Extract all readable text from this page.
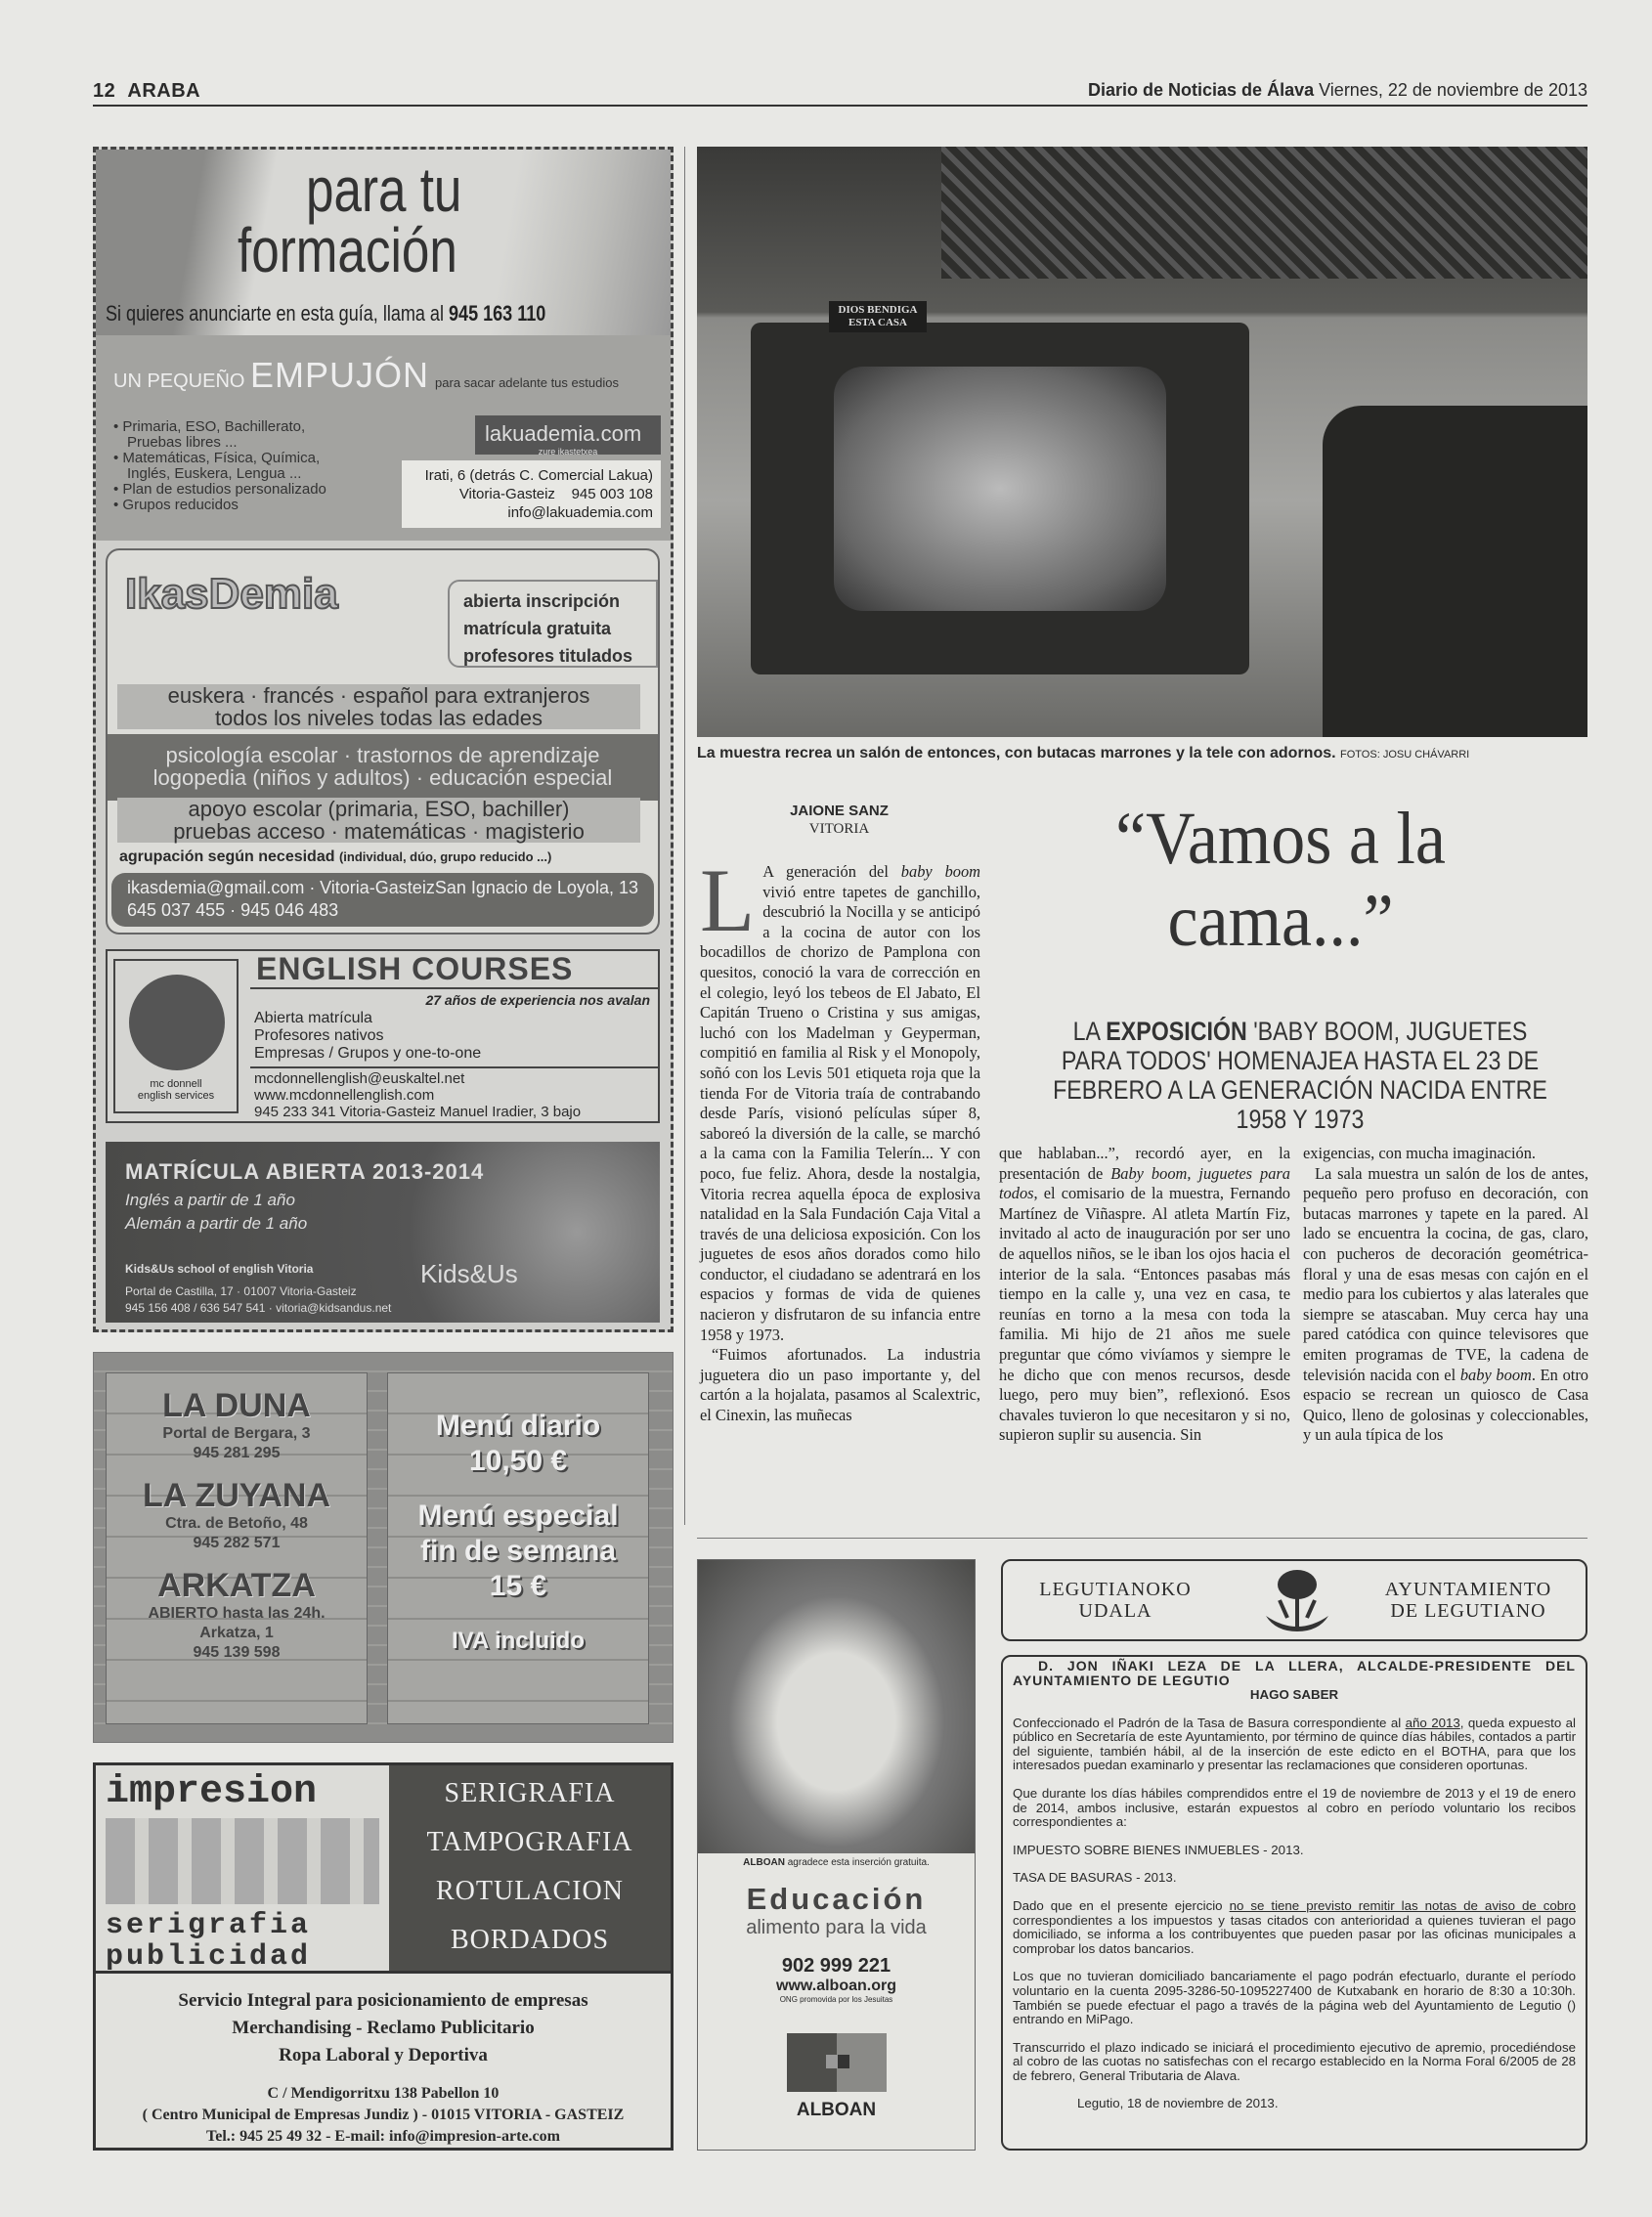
12 ARABA	Diario de Noticias de Álava Viernes, 22 de noviembre de 2013
para tu
formación
Si quieres anunciarte en esta guía, llama al 945 163 110
UN PEQUEÑO EMPUJÓN para sacar adelante tus estudios
• Primaria, ESO, Bachillerato,
Pruebas libres ...
• Matemáticas, Física, Química,
Inglés, Euskera, Lengua ...
• Plan de estudios personalizado
• Grupos reducidos
lakuademia.com
zure ikastetxea
Irati, 6 (detrás C. Comercial Lakua)
Vitoria-Gasteiz 945 003 108
info@lakuademia.com
IkasDemia	abierta inscripción
matrícula gratuita
profesores titulados
euskera · francés · español para extranjeros
todos los niveles todas las edades
psicología escolar · trastornos de aprendizaje
logopedia (niños y adultos) · educación especial
apoyo escolar (primaria, ESO, bachiller)
pruebas acceso · matemáticas · magisterio
agrupación según necesidad (individual, dúo, grupo reducido ...)
San Ignacio de Loyola, 13
Vitoria-Gasteiz
ikasdemia@gmail.com · 645 037 455 · 945 046 483
mc donnell
english services
ENGLISH COURSES
27 años de experiencia nos avalan
Abierta matrícula
Profesores nativos
Empresas / Grupos y one-to-one
mcdonnellenglish@euskaltel.net
www.mcdonnellenglish.com
945 233 341 Vitoria-Gasteiz Manuel Iradier, 3 bajo
MATRÍCULA ABIERTA 2013-2014
Inglés a partir de 1 año
Alemán a partir de 1 año
Kids&Us school of english Vitoria
Portal de Castilla, 17 · 01007 Vitoria-Gasteiz
945 156 408 / 636 547 541 · vitoria@kidsandus.net
Kids&Us
LA DUNA
Portal de Bergara, 3
945 281 295
LA ZUYANA
Ctra. de Betoño, 48
945 282 571
ARKATZA
ABIERTO hasta las 24h.
Arkatza, 1
945 139 598
Menú diario
10,50 €
Menú especial
fin de semana
15 €
IVA incluido
impresion
serigrafia
publicidad
SERIGRAFIA
TAMPOGRAFIA
ROTULACION
BORDADOS
Servicio Integral para posicionamiento de empresas
Merchandising - Reclamo Publicitario
Ropa Laboral y Deportiva
C / Mendigorritxu 138 Pabellon 10
( Centro Municipal de Empresas Jundiz ) - 01015 VITORIA - GASTEIZ
Tel.: 945 25 49 32 - E-mail: info@impresion-arte.com
DIOS BENDIGA ESTA CASA
La muestra recrea un salón de entonces, con butacas marrones y la tele con adornos. FOTOS: JOSU CHÁVARRI
JAIONE SANZ
VITORIA	“Vamos a la cama...”
LA EXPOSICIÓN 'BABY BOOM, JUGUETES PARA TODOS' HOMENAJEA HASTA EL 23 DE FEBRERO A LA GENERACIÓN NACIDA ENTRE 1958 Y 1973

L A generación del baby boom vivió entre tapetes de ganchillo, descubrió la Nocilla y se anticipó a la cocina de autor con los bocadillos de chorizo de Pamplona con quesitos, conoció la vara de corrección en el colegio, leyó los tebeos de El Jabato, El Capitán Trueno o Cristina y sus amigas, luchó con los Madelman y Geyperman, compitió en familia al Risk y el Monopoly, soñó con los Levis 501 etiqueta roja que la tienda For de Vitoria traía de contrabando desde París, visionó películas súper 8, saboreó la diversión de la calle, se marchó a la cama con la Familia Telerín... Y con poco, fue feliz. Ahora, desde la nostalgia, Vitoria recrea aquella época de explosiva natalidad en la Sala Fundación Caja Vital a través de una deliciosa exposición. Con los juguetes de esos años dorados como hilo conductor, el ciudadano se adentrará en los espacios y formas de vida de quienes nacieron y disfrutaron de su infancia entre 1958 y 1973.

“Fuimos afortunados. La industria juguetera dio un paso importante y, del cartón a la hojalata, pasamos al Scalextric, el Cinexin, las muñecas

que hablaban...”, recordó ayer, en la presentación de Baby boom, juguetes para todos, el comisario de la muestra, Fernando Martínez de Viñaspre. Al atleta Martín Fiz, invitado al acto de inauguración por ser uno de aquellos niños, se le iban los ojos hacia el interior de la sala. “Entonces pasabas más tiempo en la calle y, una vez en casa, te reunías en torno a la mesa con toda la familia. Mi hijo de 21 años me suele preguntar que cómo vivíamos y siempre le he dicho que con menos recursos, desde luego, pero muy bien”, reflexionó. Esos chavales tuvieron lo que necesitaron y si no, supieron suplir su ausencia. Sin

exigencias, con mucha imaginación.

La sala muestra un salón de los de antes, pequeño pero profuso en decoración, con butacas marrones y tapete en la pared. Al lado se encuentra la cocina, de gas, claro, con pucheros de decoración geométrica-floral y una de esas mesas con cajón en el medio para los cubiertos y alas laterales que siempre se atascaban. Muy cerca hay una pared catódica con quince televisores que emiten programas de TVE, la cadena de televisión nacida con el baby boom. En otro espacio se recrean un quiosco de Casa Quico, lleno de golosinas y coleccionables, y un aula típica de los

ALBOAN agradece esta inserción gratuita.
Educación
alimento para la vida
902 999 221
www.alboan.org
ONG promovida por los Jesuitas
ALBOAN
LEGUTIANOKO
UDALA
AYUNTAMIENTO
DE LEGUTIANO
D. JON IÑAKI LEZA DE LA LLERA, ALCALDE-PRESIDENTE DEL AYUNTAMIENTO DE LEGUTIO
HAGO SABER

Confeccionado el Padrón de la Tasa de Basura correspondiente al año 2013, queda expuesto al público en Secretaría de este Ayuntamiento, por término de quince días hábiles, contados a partir del siguiente, también hábil, al de la inserción de este edicto en el BOTHA, para que los interesados puedan examinarlo y presentar las reclamaciones que consideren oportunas.

Que durante los días hábiles comprendidos entre el 19 de noviembre de 2013 y el 19 de enero de 2014, ambos inclusive, estarán expuestos al cobro en período voluntario los recibos correspondientes a:

IMPUESTO SOBRE BIENES INMUEBLES - 2013.

TASA DE BASURAS - 2013.

Dado que en el presente ejercicio no se tiene previsto remitir las notas de aviso de cobro correspondientes a los impuestos y tasas citados con anterioridad a quienes tuvieran el pago domiciliado, se informa a los contribuyentes que pueden pasar por las oficinas municipales a comprobar los datos bancarios.

Los que no tuvieran domiciliado bancariamente el pago podrán efectuarlo, durante el período voluntario en la cuenta 2095-3286-50-1095227400 de Kutxabank en horario de 8:30 a 10:30h. También se puede efectuar el pago a través de la página web del Ayuntamiento de Legutio () entrando en MiPago.

Transcurrido el plazo indicado se iniciará el procedimiento ejecutivo de apremio, procediéndose al cobro de las cuotas no satisfechas con el recargo establecido en la Norma Foral 6/2005 de 28 de febrero, General Tributaria de Alava.

Legutio, 18 de noviembre de 2013.
